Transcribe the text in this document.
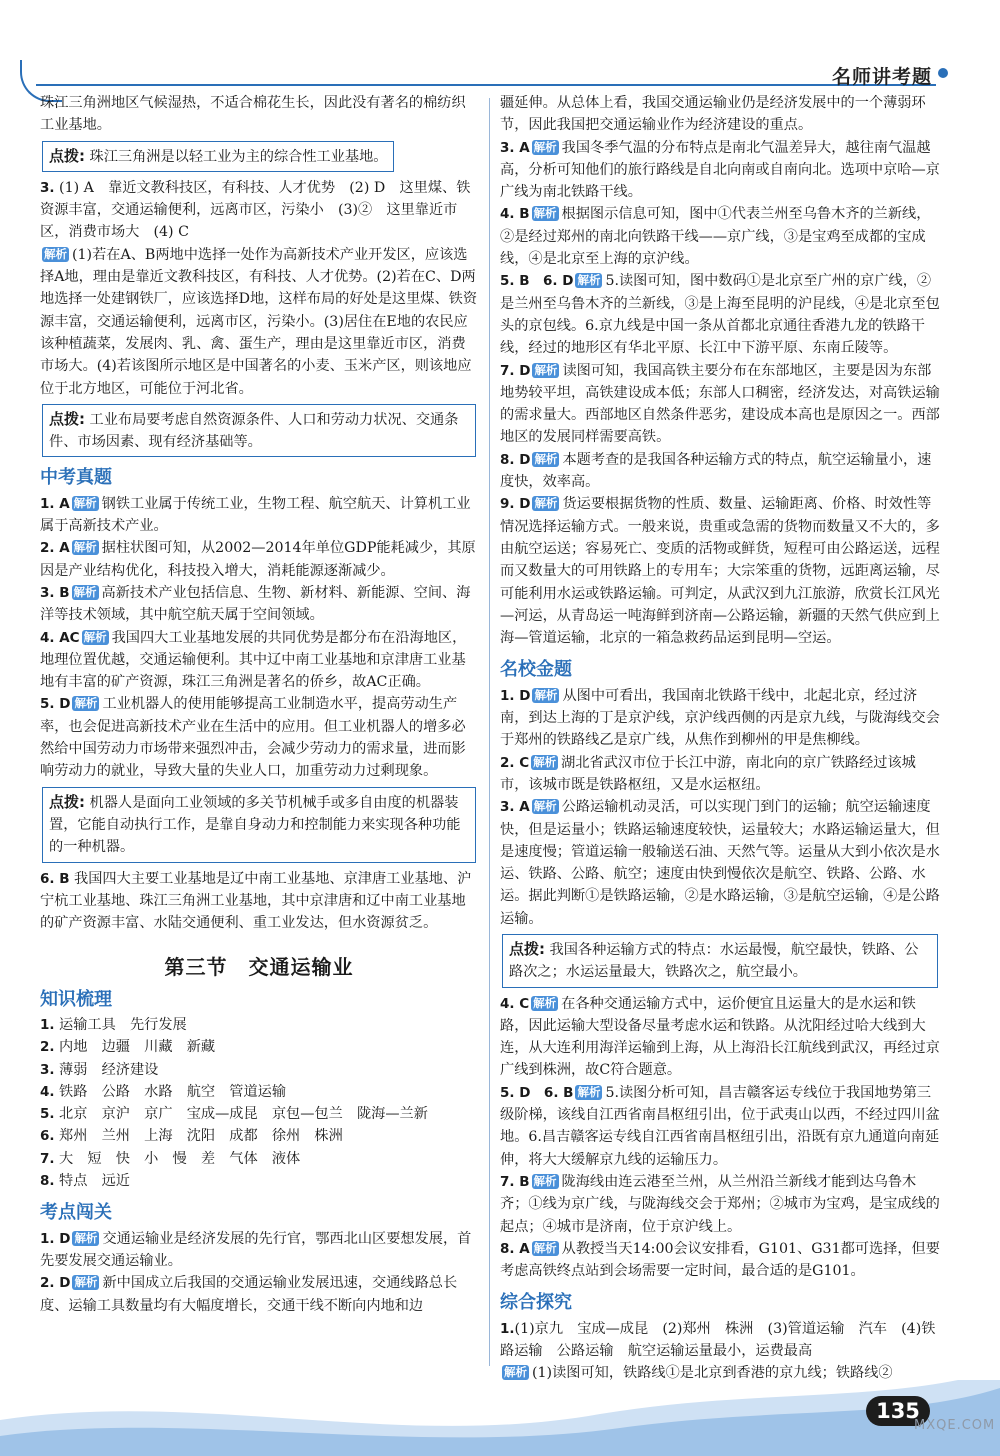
名师讲考题

珠江三角洲地区气候湿热，不适合棉花生长，因此没有著名的棉纺织工业基地。

点拨: 珠江三角洲是以轻工业为主的综合性工业基地。

3. (1) A　靠近文教科技区，有科技、人才优势　(2) D　这里煤、铁资源丰富，交通运输便利，远离市区，污染小　(3)②　这里靠近市区，消费市场大　(4) C
解析 (1)若在A、B两地中选择一处作为高新技术产业开发区，应该选择A地，理由是靠近文教科技区，有科技、人才优势。(2)若在C、D两地选择一处建钢铁厂，应该选择D地，这样布局的好处是这里煤、铁资源丰富，交通运输便利，远离市区，污染小。(3)居住在E地的农民应该种植蔬菜，发展肉、乳、禽、蛋生产，理由是这里靠近市区，消费市场大。(4)若该图所示地区是中国著名的小麦、玉米产区，则该地应位于北方地区，可能位于河北省。

点拨: 工业布局要考虑自然资源条件、人口和劳动力状况、交通条件、市场因素、现有经济基础等。
中考真题

1. A 解析 钢铁工业属于传统工业，生物工程、航空航天、计算机工业属于高新技术产业。

2. A 解析 据柱状图可知，从2002—2014年单位GDP能耗减少，其原因是产业结构优化，科技投入增大，消耗能源逐渐减少。

3. B 解析 高新技术产业包括信息、生物、新材料、新能源、空间、海洋等技术领域，其中航空航天属于空间领域。

4. AC 解析 我国四大工业基地发展的共同优势是都分布在沿海地区，地理位置优越，交通运输便利。其中辽中南工业基地和京津唐工业基地有丰富的矿产资源，珠江三角洲是著名的侨乡，故AC正确。

5. D 解析 工业机器人的使用能够提高工业制造水平，提高劳动生产率，也会促进高新技术产业在生活中的应用。但工业机器人的增多必然给中国劳动力市场带来强烈冲击，会减少劳动力的需求量，进而影响劳动力的就业，导致大量的失业人口，加重劳动力过剩现象。

点拨: 机器人是面向工业领域的多关节机械手或多自由度的机器装置，它能自动执行工作，是靠自身动力和控制能力来实现各种功能的一种机器。

6. B 我国四大主要工业基地是辽中南工业基地、京津唐工业基地、沪宁杭工业基地、珠江三角洲工业基地，其中京津唐和辽中南工业基地的矿产资源丰富、水陆交通便利、重工业发达，但水资源贫乏。

第三节　交通运输业
知识梳理

1. 运输工具　先行发展

2. 内地　边疆　川藏　新藏

3. 薄弱　经济建设

4. 铁路　公路　水路　航空　管道运输

5. 北京　京沪　京广　宝成—成昆　京包—包兰　陇海—兰新

6. 郑州　兰州　上海　沈阳　成都　徐州　株洲

7. 大　短　快　小　慢　差　气体　液体

8. 特点　远近

考点闯关

1. D 解析 交通运输业是经济发展的先行官，鄂西北山区要想发展，首先要发展交通运输业。

2. D 解析 新中国成立后我国的交通运输业发展迅速，交通线路总长度、运输工具数量均有大幅度增长，交通干线不断向内地和边

疆延伸。从总体上看，我国交通运输业仍是经济发展中的一个薄弱环节，因此我国把交通运输业作为经济建设的重点。

3. A 解析 我国冬季气温的分布特点是南北气温差异大，越往南气温越高，分析可知他们的旅行路线是自北向南或自南向北。选项中京哈—京广线为南北铁路干线。

4. B 解析 根据图示信息可知，图中①代表兰州至乌鲁木齐的兰新线，②是经过郑州的南北向铁路干线——京广线，③是宝鸡至成都的宝成线，④是北京至上海的京沪线。

5. B　6. D 解析 5.读图可知，图中数码①是北京至广州的京广线，②是兰州至乌鲁木齐的兰新线，③是上海至昆明的沪昆线，④是北京至包头的京包线。6.京九线是中国一条从首都北京通往香港九龙的铁路干线，经过的地形区有华北平原、长江中下游平原、东南丘陵等。

7. D 解析 读图可知，我国高铁主要分布在东部地区，主要是因为东部地势较平坦，高铁建设成本低；东部人口稠密，经济发达，对高铁运输的需求量大。西部地区自然条件恶劣，建设成本高也是原因之一。西部地区的发展同样需要高铁。

8. D 解析 本题考查的是我国各种运输方式的特点，航空运输量小，速度快，效率高。

9. D 解析 货运要根据货物的性质、数量、运输距离、价格、时效性等情况选择运输方式。一般来说，贵重或急需的货物而数量又不大的，多由航空运送；容易死亡、变质的活物或鲜货，短程可由公路运送，远程而又数量大的可用铁路上的专用车；大宗笨重的货物，远距离运输，尽可能利用水运或铁路运输。可判定，从武汉到九江旅游，欣赏长江风光—河运，从青岛运一吨海鲜到济南—公路运输，新疆的天然气供应到上海—管道运输，北京的一箱急救药品运到昆明—空运。

名校金题

1. D 解析 从图中可看出，我国南北铁路干线中，北起北京，经过济南，到达上海的丁是京沪线，京沪线西侧的丙是京九线，与陇海线交会于郑州的铁路线乙是京广线，从焦作到柳州的甲是焦柳线。

2. C 解析 湖北省武汉市位于长江中游，南北向的京广铁路经过该城市，该城市既是铁路枢纽，又是水运枢纽。

3. A 解析 公路运输机动灵活，可以实现门到门的运输；航空运输速度快，但是运量小；铁路运输速度较快，运量较大；水路运输运量大，但是速度慢；管道运输一般输送石油、天然气等。运量从大到小依次是水运、铁路、公路、航空；速度由快到慢依次是航空、铁路、公路、水运。据此判断①是铁路运输，②是水路运输，③是航空运输，④是公路运输。

点拨: 我国各种运输方式的特点：水运最慢，航空最快，铁路、公路次之；水运运量最大，铁路次之，航空最小。

4. C 解析 在各种交通运输方式中，运价便宜且运量大的是水运和铁路，因此运输大型设备尽量考虑水运和铁路。从沈阳经过哈大线到大连，从大连利用海洋运输到上海，从上海沿长江航线到武汉，再经过京广线到株洲，故C符合题意。

5. D　6. B 解析 5.读图分析可知，昌吉赣客运专线位于我国地势第三级阶梯，该线自江西省南昌枢纽引出，位于武夷山以西，不经过四川盆地。6.昌吉赣客运专线自江西省南昌枢纽引出，沿既有京九通道向南延伸，将大大缓解京九线的运输压力。

7. B 解析 陇海线由连云港至兰州，从兰州沿兰新线才能到达乌鲁木齐；①线为京广线，与陇海线交会于郑州；②城市为宝鸡，是宝成线的起点；④城市是济南，位于京沪线上。

8. A 解析 从教授当天14:00会议安排看，G101、G31都可选择，但要考虑高铁终点站到会场需要一定时间，最合适的是G101。

综合探究

1.(1)京九　宝成—成昆　(2)郑州　株洲　(3)管道运输　汽车　(4)铁路运输　公路运输　航空运输运量最小，运费最高

解析 (1)读图可知，铁路线①是北京到香港的京九线；铁路线②

135
MXQE.COM
